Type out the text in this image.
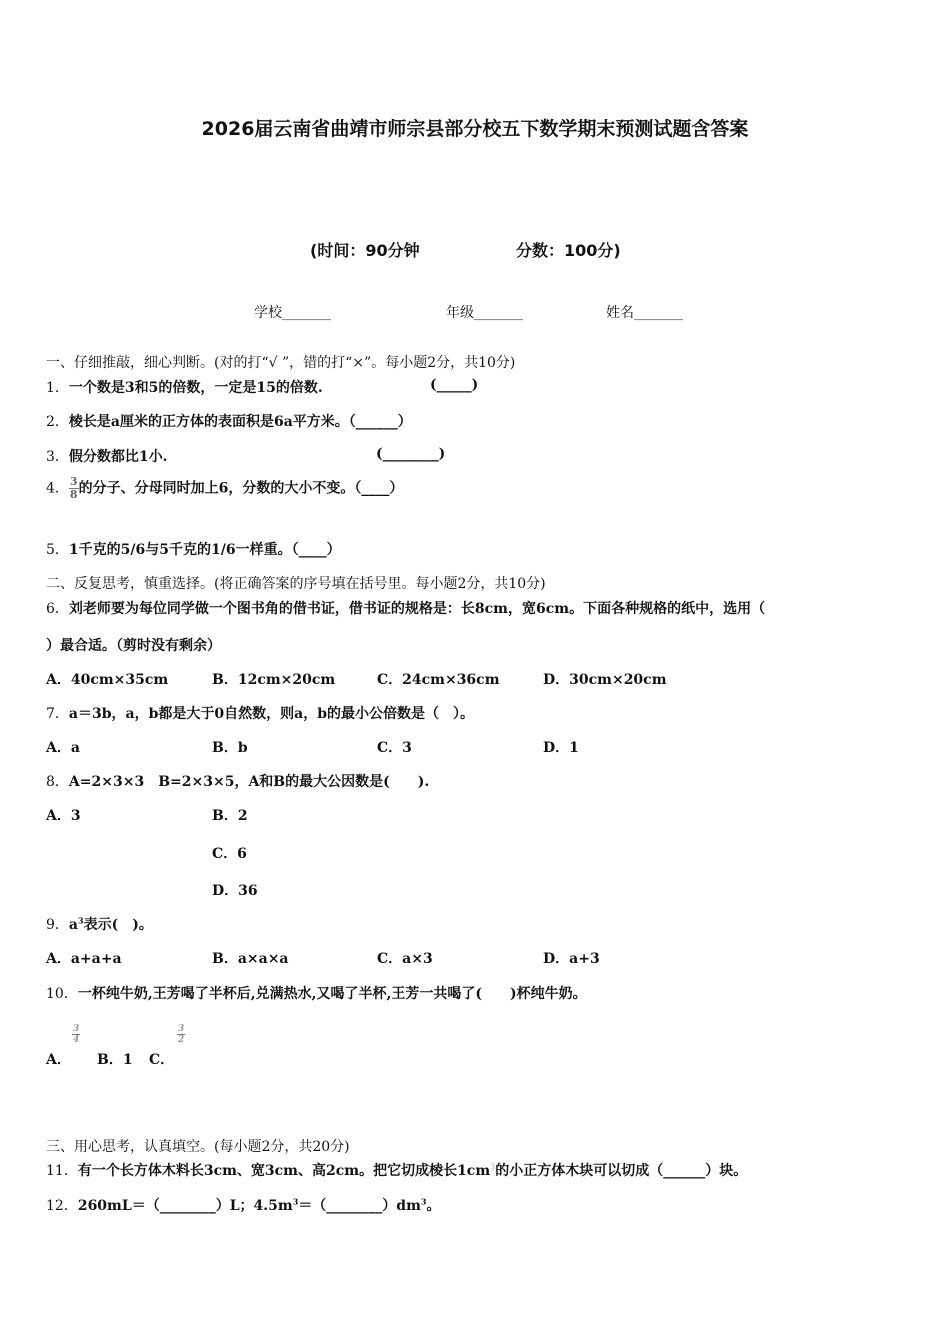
2026届云南省曲靖市师宗县部分校五下数学期末预测试题含答案
(时间：90分钟	分数：100分)
学校_______	年级_______	姓名_______
一、仔细推敲，细心判断。(对的打“√ ”，错的打“×”。每小题2分，共10分)
1．一个数是3和5的倍数，一定是15的倍数.	(_____)
2．棱长是a厘米的正方体的表面积是6a平方米。（______）
3．假分数都比1小.	(________)
4． $\frac{3}{8}$ 的分子、分母同时加上6，分数的大小不变。（____）
5．1千克的5/6与5千克的1/6一样重。（____）
二、反复思考，慎重选择。(将正确答案的序号填在括号里。每小题2分，共10分)
6．刘老师要为每位同学做一个图书角的借书证，借书证的规格是：长8cm，宽6cm。下面各种规格的纸中，选用（
）最合适。（剪时没有剩余）
A．40cm×35cm	B．12cm×20cm	C．24cm×36cm	D．30cm×20cm
7．a＝3b，a，b都是大于0自然数，则a，b的最小公倍数是（　）。
A．a	B．b	C．3	D．1
8．A=2×3×3　B=2×3×5，A和B的最大公因数是(　　).
A．3	B．2
C．6
D．36
9．$a^3$表示(　)。
A．a+a+a	B．a×a×a	C．a×3	D．a+3
10．一杯纯牛奶,王芳喝了半杯后,兑满热水,又喝了半杯,王芳一共喝了(　　)杯纯牛奶。
A．
$\frac{3}{4}$
B．1 C．
$\frac{3}{2}$
三、用心思考，认真填空。(每小题2分，共20分)
11．有一个长方体木料长3cm、宽3cm、高2cm。把它切成棱长$1cm^3$的小正方体木块可以切成（______）块。
12．260mL＝（________）L；$4.5m^3=(\_\_\_\_\_\_\_\_)dm^3$。
